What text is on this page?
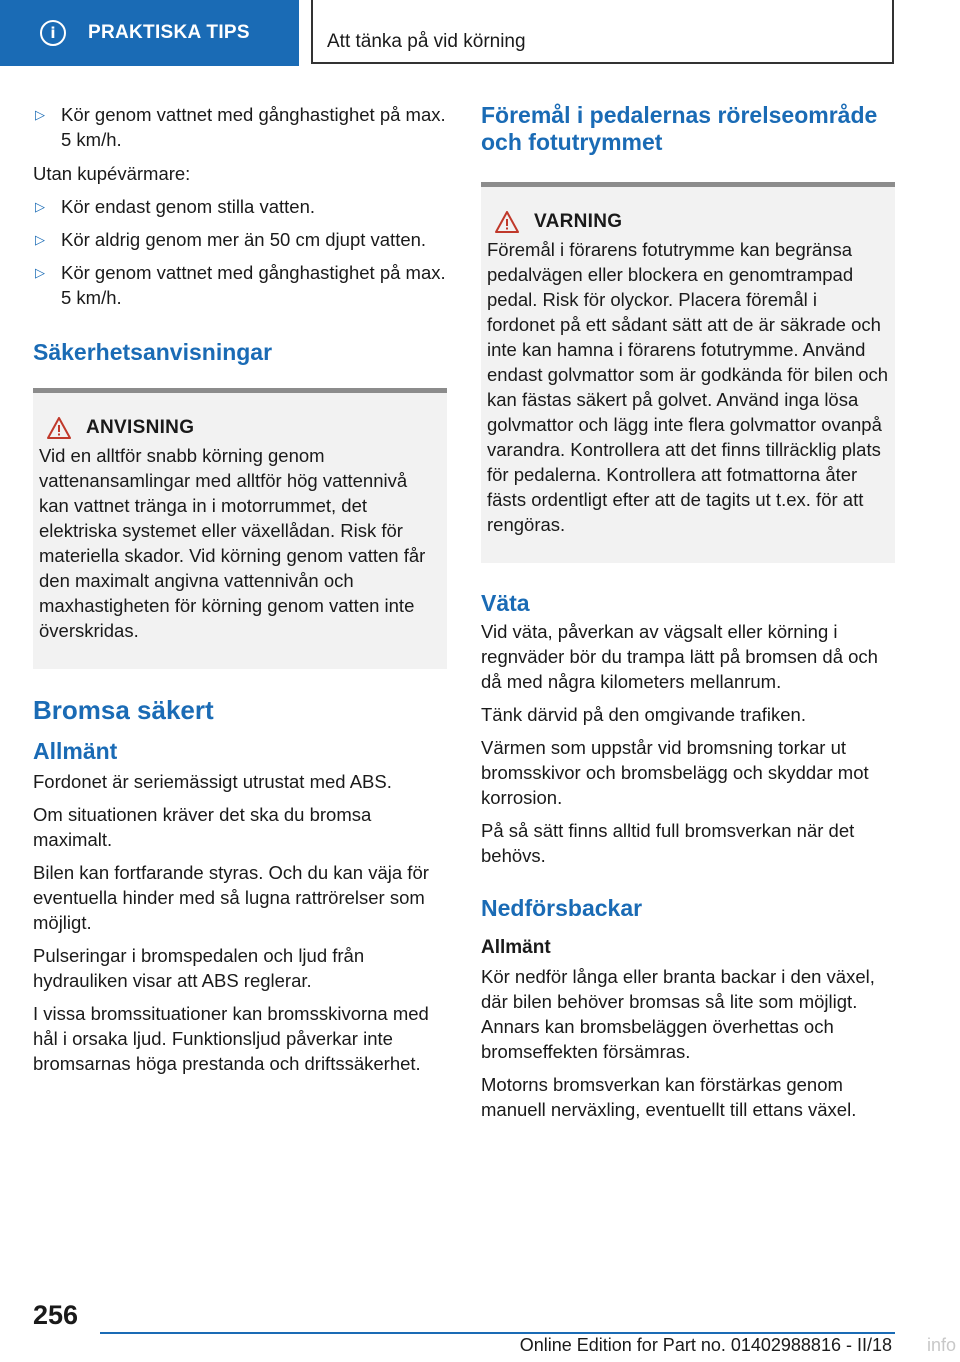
i	PRAKTISKA TIPS	Att tänka på vid körning
▷ Kör genom vattnet med gånghastighet på max. 5 km/h.

Utan kupévärmare:

▷ Kör endast genom stilla vatten.
▷ Kör aldrig genom mer än 50 cm djupt vatten.
▷ Kör genom vattnet med gånghastighet på max. 5 km/h.
Säkerhetsanvisningar
ANVISNING

Vid en alltför snabb körning genom vattenansamlingar med alltför hög vattennivå kan vattnet tränga in i motorrummet, det elektriska systemet eller växellådan. Risk för materiella skador. Vid körning genom vatten får den maximalt angivna vattennivån och maxhastigheten för körning genom vatten inte överskridas.

Bromsa säkert
Allmänt

Fordonet är seriemässigt utrustat med ABS.

Om situationen kräver det ska du bromsa maximalt.

Bilen kan fortfarande styras. Och du kan väja för eventuella hinder med så lugna rattrörelser som möjligt.

Pulseringar i bromspedalen och ljud från hydrauliken visar att ABS reglerar.

I vissa bromssituationer kan bromsskivorna med hål i orsaka ljud. Funktionsljud påverkar inte bromsarnas höga prestanda och driftssäkerhet.

Föremål i pedalernas rörelseområde och fotutrymmet
VARNING

Föremål i förarens fotutrymme kan begränsa pedalvägen eller blockera en genomtrampad pedal. Risk för olyckor. Placera föremål i fordonet på ett sådant sätt att de är säkrade och inte kan hamna i förarens fotutrymme. Använd endast golvmattor som är godkända för bilen och kan fästas säkert på golvet. Använd inga lösa golvmattor och lägg inte flera golvmattor ovanpå varandra. Kontrollera att det finns tillräcklig plats för pedalerna. Kontrollera att fotmattorna åter fästs ordentligt efter att de tagits ut t.ex. för att rengöras.

Väta

Vid väta, påverkan av vägsalt eller körning i regnväder bör du trampa lätt på bromsen då och då med några kilometers mellanrum.

Tänk därvid på den omgivande trafiken.

Värmen som uppstår vid bromsning torkar ut bromsskivor och bromsbelägg och skyddar mot korrosion.

På så sätt finns alltid full bromsverkan när det behövs.

Nedförsbackar
Allmänt

Kör nedför långa eller branta backar i den växel, där bilen behöver bromsas så lite som möjligt. Annars kan bromsbeläggen överhettas och bromseffekten försämras.

Motorns bromsverkan kan förstärkas genom manuell nerväxling, eventuellt till ettans växel.

256
Online Edition for Part no. 01402988816 - II/18 info
